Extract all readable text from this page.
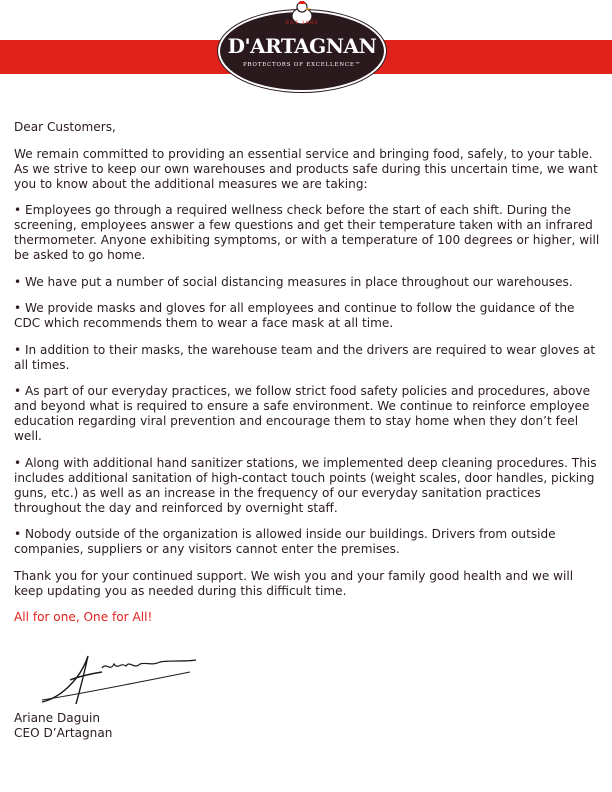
EST 1985
D'ARTAGNAN
PROTECTORS OF EXCELLENCE™

Dear Customers,

We remain committed to providing an essential service and bringing food, safely, to your table. As we strive to keep our own warehouses and products safe during this uncertain time, we want you to know about the additional measures we are taking:

• Employees go through a required wellness check before the start of each shift. During the screening, employees answer a few questions and get their temperature taken with an infrared thermometer. Anyone exhibiting symptoms, or with a temperature of 100 degrees or higher, will be asked to go home.

• We have put a number of social distancing measures in place throughout our warehouses.

• We provide masks and gloves for all employees and continue to follow the guidance of the CDC which recommends them to wear a face mask at all time.

• In addition to their masks, the warehouse team and the drivers are required to wear gloves at all times.

• As part of our everyday practices, we follow strict food safety policies and procedures, above and beyond what is required to ensure a safe environment. We continue to reinforce employee education regarding viral prevention and encourage them to stay home when they don’t feel well.

• Along with additional hand sanitizer stations, we implemented deep cleaning procedures. This includes additional sanitation of high-contact touch points (weight scales, door handles, picking guns, etc.) as well as an increase in the frequency of our everyday sanitation practices throughout the day and reinforced by overnight staff.

• Nobody outside of the organization is allowed inside our buildings. Drivers from outside companies, suppliers or any visitors cannot enter the premises.

Thank you for your continued support. We wish you and your family good health and we will keep updating you as needed during this difficult time.

All for one, One for All!

Ariane Daguin
CEO D’Artagnan
